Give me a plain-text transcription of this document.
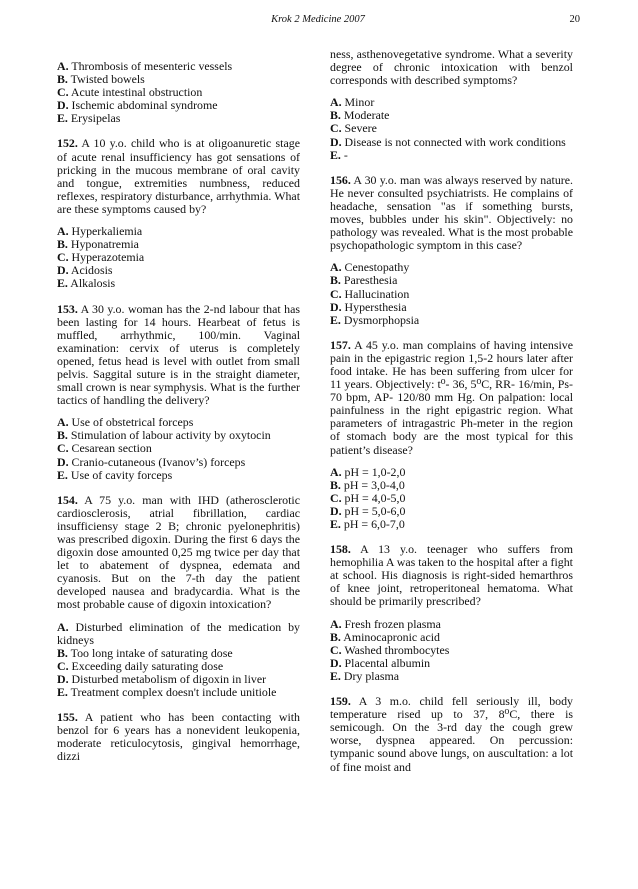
Krok 2 Medicine 2007	20
A. Thrombosis of mesenteric vessels
B. Twisted bowels
C. Acute intestinal obstruction
D. Ischemic abdominal syndrome
E. Erysipelas

152. A 10 y.o. child who is at oligoanuretic stage of acute renal insufficiency has got sensations of pricking in the mucous membrane of oral cavity and tongue, extremities numbness, reduced reflexes, respiratory disturbance, arrhythmia. What are these symptoms caused by?

A. Hyperkaliemia
B. Hyponatremia
C. Hyperazotemia
D. Acidosis
E. Alkalosis

153. A 30 y.o. woman has the 2-nd labour that has been lasting for 14 hours. Hearbeat of fetus is muffled, arrhythmic, 100/min. Vaginal examination: cervix of uterus is completely opened, fetus head is level with outlet from small pelvis. Saggital suture is in the straight diameter, small crown is near symphysis. What is the further tactics of handling the delivery?

A. Use of obstetrical forceps
B. Stimulation of labour activity by oxytocin
C. Cesarean section
D. Cranio-cutaneous (Ivanov’s) forceps
E. Use of cavity forceps

154. A 75 y.o. man with IHD (atherosclerotic cardiosclerosis, atrial fibrillation, cardiac insufficiensy stage 2 B; chronic pyelonephritis) was prescribed digoxin. During the first 6 days the digoxin dose amounted 0,25 mg twice per day that let to abatement of dyspnea, edemata and cyanosis. But on the 7-th day the patient developed nausea and bradycardia. What is the most probable cause of digoxin intoxication?

A. Disturbed elimination of the medication by kidneys
B. Too long intake of saturating dose
C. Exceeding daily saturating dose
D. Disturbed metabolism of digoxin in liver
E. Treatment complex doesn't include unitiole

155. A patient who has been contacting with benzol for 6 years has a nonevident leukopenia, moderate reticulocytosis, gingival hemorrhage, dizzi

ness, asthenovegetative syndrome. What a severity degree of chronic intoxication with benzol corresponds with described symptoms?

A. Minor
B. Moderate
C. Severe
D. Disease is not connected with work conditions
E. -

156. A 30 y.o. man was always reserved by nature. He never consulted psychiatrists. He complains of headache, sensation "as if something bursts, moves, bubbles under his skin". Objectively: no pathology was revealed. What is the most probable psychopathologic symptom in this case?

A. Cenestopathy
B. Paresthesia
C. Hallucination
D. Hypersthesia
E. Dysmorphopsia

157. A 45 y.o. man complains of having intensive pain in the epigastric region 1,5-2 hours later after food intake. He has been suffering from ulcer for 11 years. Objectively: t⁰- 36, 5⁰C, RR- 16/min, Ps- 70 bpm, AP- 120/80 mm Hg. On palpation: local painfulness in the right epigastric region. What parameters of intragastric Ph-meter in the region of stomach body are the most typical for this patient’s disease?

A. pH = 1,0-2,0
B. pH = 3,0-4,0
C. pH = 4,0-5,0
D. pH = 5,0-6,0
E. pH = 6,0-7,0

158. A 13 y.o. teenager who suffers from hemophilia A was taken to the hospital after a fight at school. His diagnosis is right-sided hemarthros of knee joint, retroperitoneal hematoma. What should be primarily prescribed?

A. Fresh frozen plasma
B. Aminocapronic acid
C. Washed thrombocytes
D. Placental albumin
E. Dry plasma

159. A 3 m.o. child fell seriously ill, body temperature rised up to 37, 8⁰C, there is semicough. On the 3-rd day the cough grew worse, dyspnea appeared. On percussion: tympanic sound above lungs, on auscultation: a lot of fine moist and
